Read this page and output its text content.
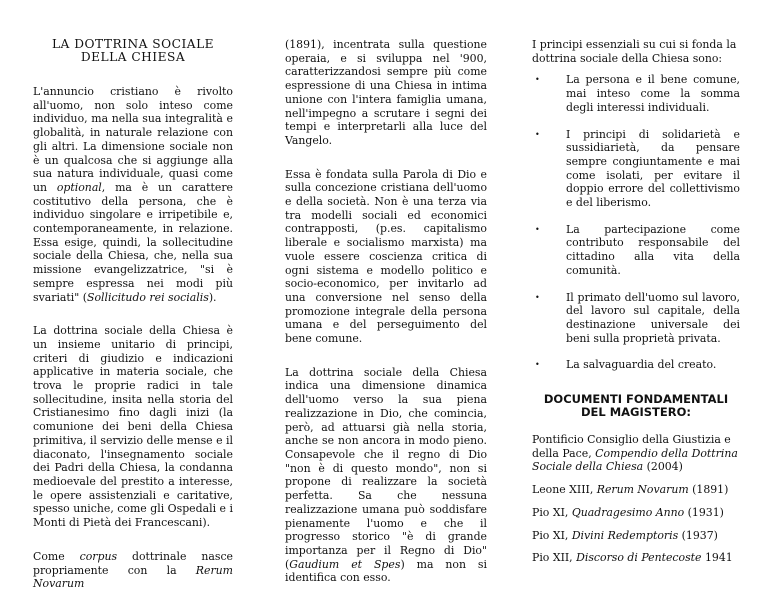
LA DOTTRINA SOCIALE
DELLA CHIESA

L'annuncio cristiano è rivolto all'uomo, non solo inteso come individuo, ma nella sua integralità e globalità, in naturale relazione con gli altri. La dimensione sociale non è un qualcosa che si aggiunge alla sua natura individuale, quasi come un optional, ma è un carattere costitutivo della persona, che è individuo singolare e irripetibile e, contemporaneamente, in relazione. Essa esige, quindi, la sollecitudine sociale della Chiesa, che, nella sua missione evangelizzatrice, "si è sempre espressa nei modi più svariati" (Sollicitudo rei socialis).

La dottrina sociale della Chiesa è un insieme unitario di principi, criteri di giudizio e indicazioni applicative in materia sociale, che trova le proprie radici in tale sollecitudine, insita nella storia del Cristianesimo fino dagli inizi (la comunione dei beni della Chiesa primitiva, il servizio delle mense e il diaconato, l'insegnamento sociale dei Padri della Chiesa, la condanna medioevale del prestito a interesse, le opere assistenziali e caritative, spesso uniche, come gli Ospedali e i Monti di Pietà dei Francescani).

Come corpus dottrinale nasce propriamente con la Rerum Novarum

(1891), incentrata sulla questione operaia, e si sviluppa nel '900, caratterizzandosi sempre più come espressione di una Chiesa in intima unione con l'intera famiglia umana, nell'impegno a scrutare i segni dei tempi e interpretarli alla luce del Vangelo.

Essa è fondata sulla Parola di Dio e sulla concezione cristiana dell'uomo e della società. Non è una terza via tra modelli sociali ed economici contrapposti, (p.es. capitalismo liberale e socialismo marxista) ma vuole essere coscienza critica di ogni sistema e modello politico e socio-economico, per invitarlo ad una conversione nel senso della promozione integrale della persona umana e del perseguimento del bene comune.

La dottrina sociale della Chiesa indica una dimensione dinamica dell'uomo verso la sua piena realizzazione in Dio, che comincia, però, ad attuarsi già nella storia, anche se non ancora in modo pieno. Consapevole che il regno di Dio "non è di questo mondo", non si propone di realizzare la società perfetta. Sa che nessuna realizzazione umana può soddisfare pienamente l'uomo e che il progresso storico "è di grande importanza per il Regno di Dio" (Gaudium et Spes) ma non si identifica con esso.

I principi essenziali su cui si fonda la dottrina sociale della Chiesa sono:

• La persona e il bene comune, mai inteso come la somma degli interessi individuali.
• I principi di solidarietà e sussidiarietà, da pensare sempre congiuntamente e mai come isolati, per evitare il doppio errore del collettivismo e del liberismo.
• La partecipazione come contributo responsabile del cittadino alla vita della comunità.
• Il primato dell'uomo sul lavoro, del lavoro sul capitale, della destinazione universale dei beni sulla proprietà privata.
• La salvaguardia del creato.
DOCUMENTI FONDAMENTALI
DEL MAGISTERO:

Pontificio Consiglio della Giustizia e della Pace, Compendio della Dottrina Sociale della Chiesa (2004)

Leone XIII, Rerum Novarum (1891)

Pio XI, Quadragesimo Anno (1931)

Pio XI, Divini Redemptoris (1937)

Pio XII, Discorso di Pentecoste 1941
